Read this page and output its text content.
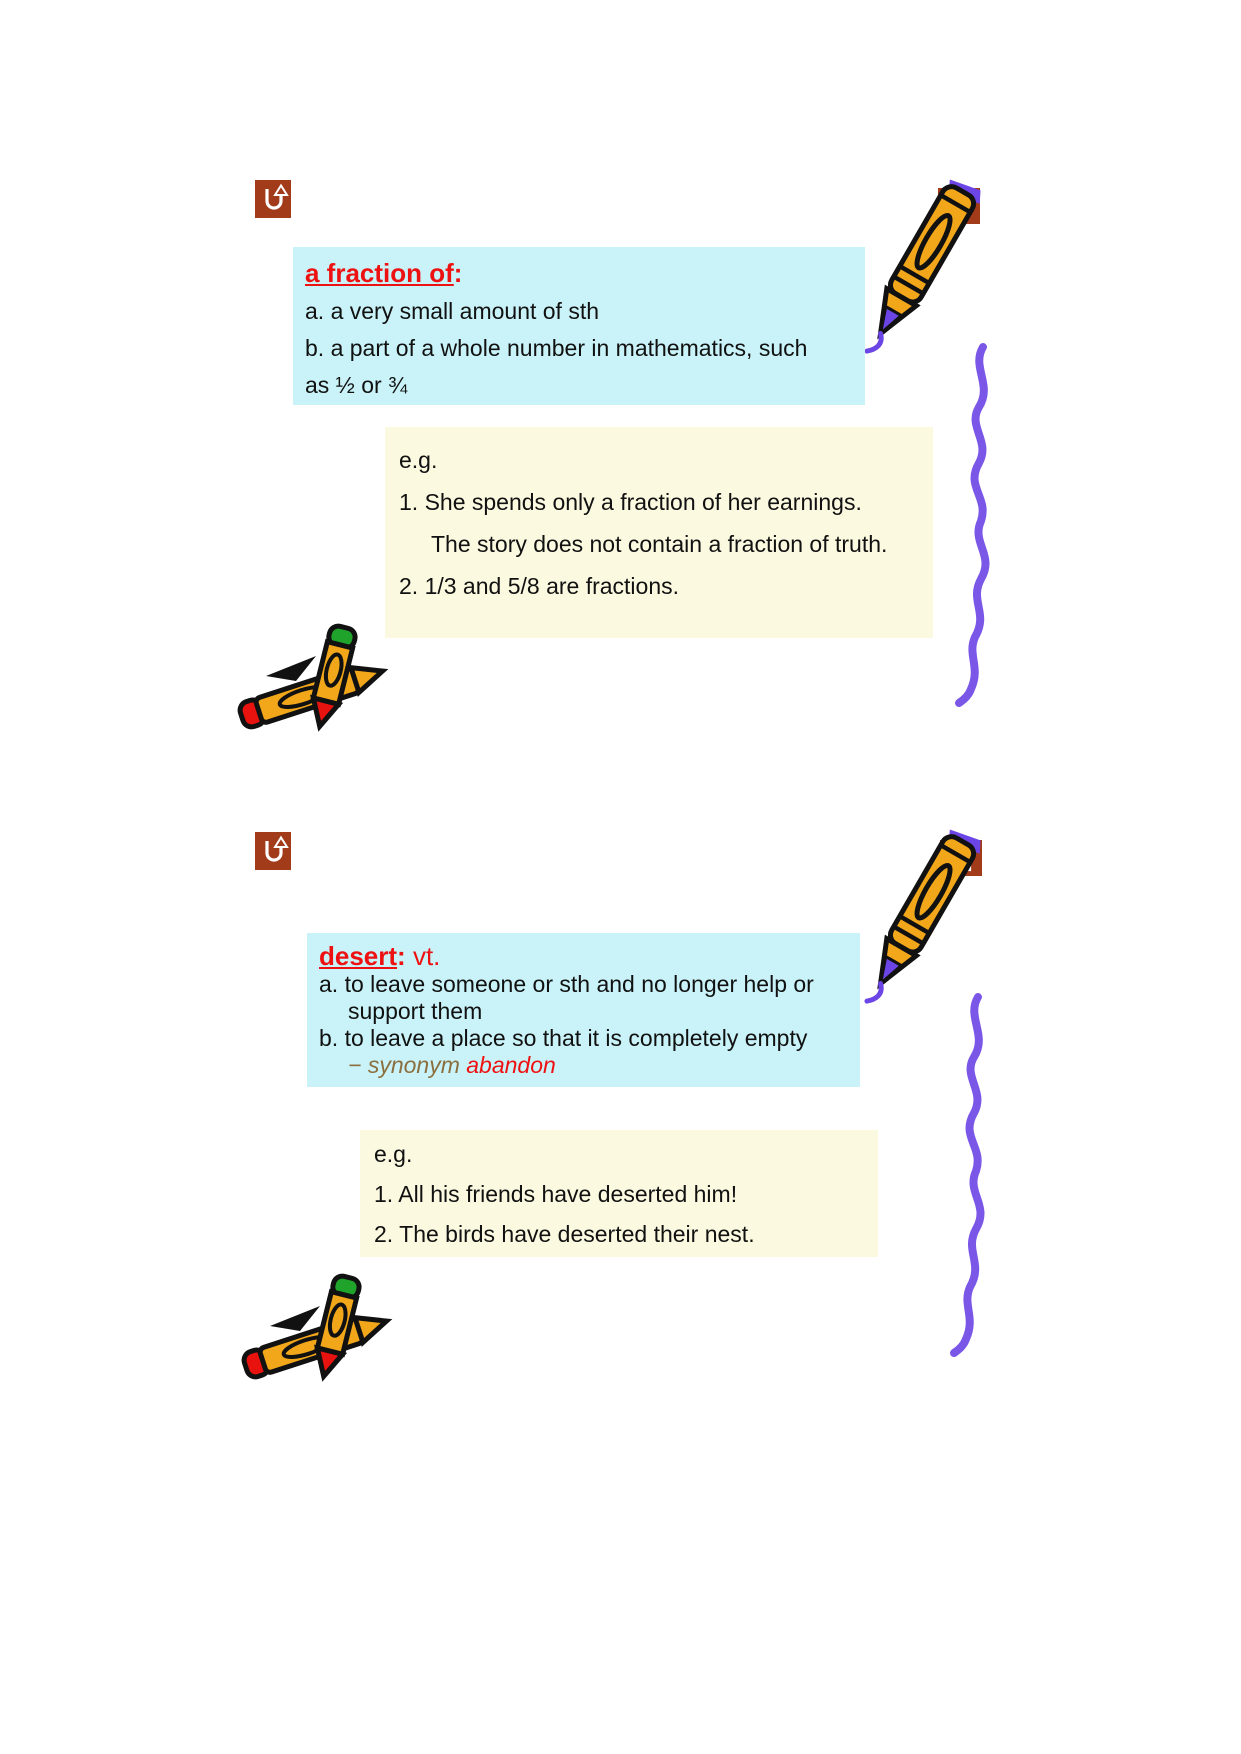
a fraction of:
a. a very small amount of sth
b. a part of a whole number in mathematics, such
as ½ or ¾
e.g.
1. She spends only a fraction of her earnings.
The story does not contain a fraction of truth.
2. 1/3 and 5/8 are fractions.
desert: vt.
a. to leave someone or sth and no longer help or
support them
b. to leave a place so that it is completely empty
− synonym abandon
e.g.
1. All his friends have deserted him!
2. The birds have deserted their nest.
